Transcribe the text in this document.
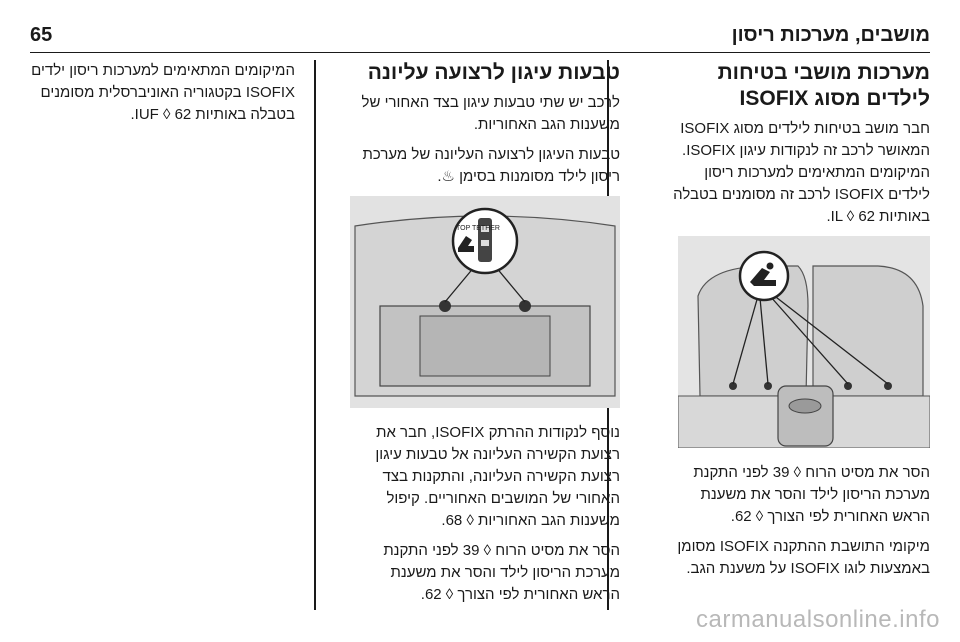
65	מושבים, מערכות ריסון
מערכות מושבי בטיחות לילדים מסוג ISOFIX

חבר מושב בטיחות לילדים מסוג ISOFIX המאושר לרכב זה לנקודות עיגון ISOFIX. המיקומים המתאימים למערכות ריסון לילדים ISOFIX לרכב זה מסומנים בטבלה באותיות IL ◊ 62.

הסר את מסיט הרוח ◊ 39 לפני התקנת מערכת הריסון לילד והסר את משענת הראש האחורית לפי הצורך ◊ 62.

מיקומי התושבת ההתקנה ISOFIX מסומן באמצעות לוגו ISOFIX על משענת הגב.

טבעות עיגון לרצועה עליונה

לרכב יש שתי טבעות עיגון בצד האחורי של משענות הגב האחוריות.

טבעות העיגון לרצועה העליונה של מערכת ריסון לילד מסומנות בסימן ♨.

TOP TETHER

נוסף לנקודות ההרתק ISOFIX, חבר את רצועת הקשירה העליונה אל טבעות עיגון רצועת הקשירה העליונה, והתקנות בצד האחורי של המושבים האחוריים. קיפול משענות הגב האחוריות ◊ 68.

הסר את מסיט הרוח ◊ 39 לפני התקנת מערכת הריסון לילד והסר את משענת הראש האחורית לפי הצורך ◊ 62.

המיקומים המתאימים למערכות ריסון ילדים ISOFIX בקטגוריה האוניברסלית מסומנים בטבלה באותיות IUF ◊ 62.

carmanualsonline.info
